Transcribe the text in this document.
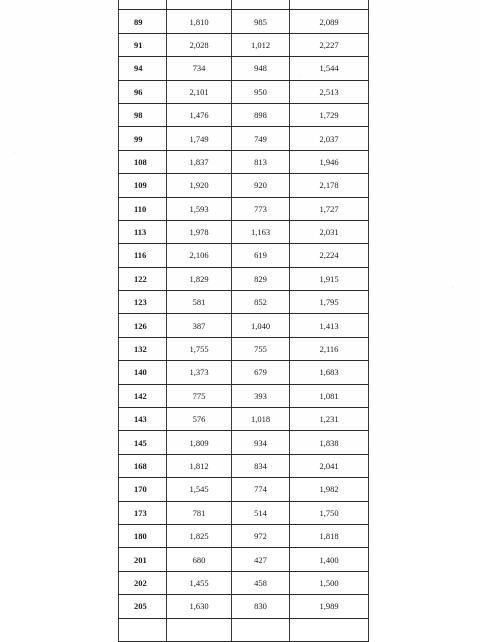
·
·
·

89	1,810	985	2,089
91	2,028	1,012	2,227
94	734	948	1,544
96	2,101	950	2,513
98	1,476	898	1,729
99	1,749	749	2,037
108	1,837	813	1,946
109	1,920	920	2,178
110	1,593	773	1,727
113	1,978	1,163	2,031
116	2,106	619	2,224
122	1,829	829	1,915
123	581	852	1,795
126	387	1,040	1,413
132	1,755	755	2,116
140	1,373	679	1,683
142	775	393	1,081
143	576	1,018	1,231
145	1,809	934	1,838
168	1,812	834	2,041
170	1,545	774	1,982
173	781	514	1,750
180	1,825	972	1,818
201	680	427	1,400
202	1,455	458	1,500
205	1,630	830	1,989
